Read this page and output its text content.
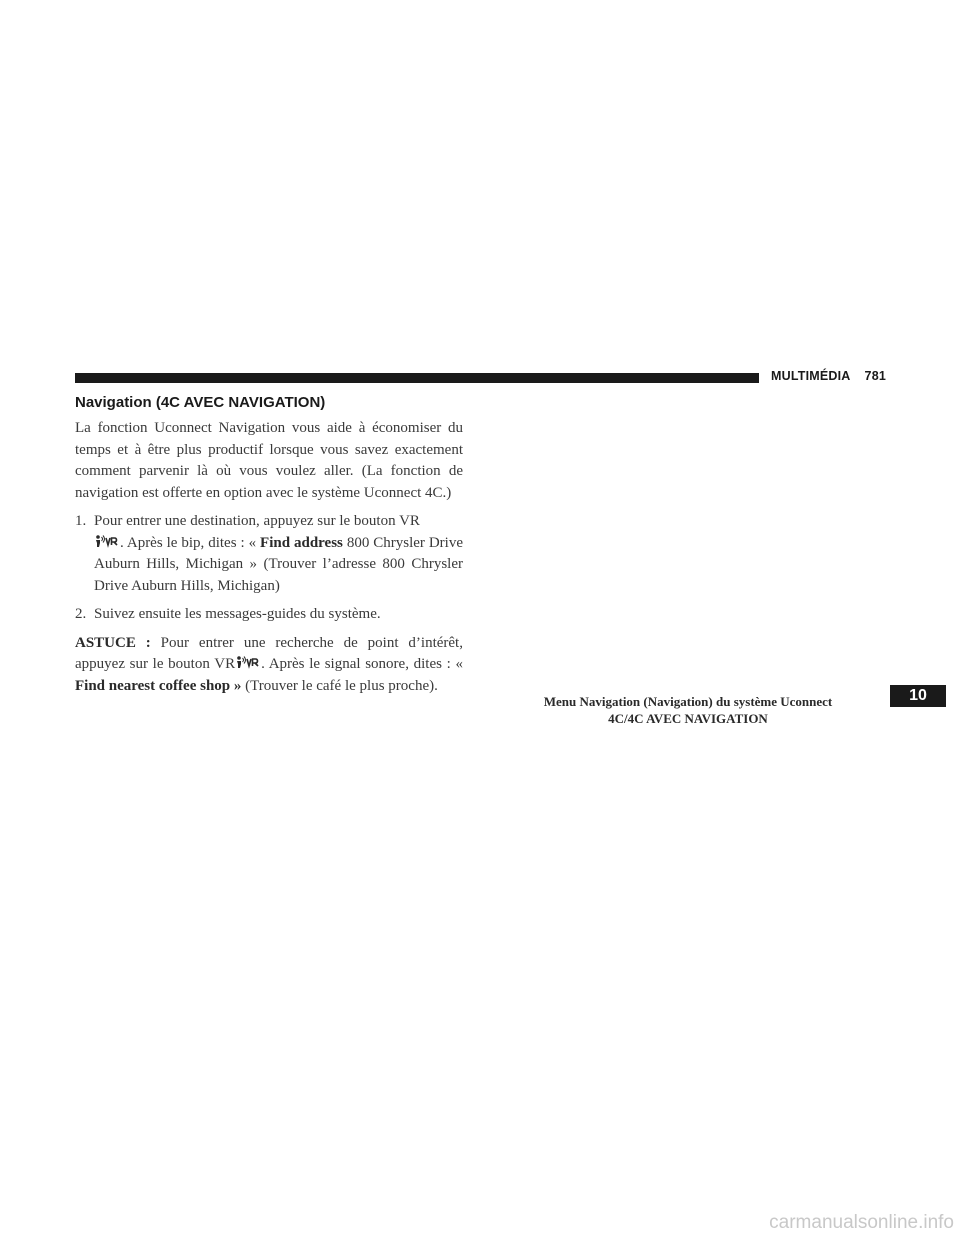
MULTIMÉDIA 781
Navigation (4C AVEC NAVIGATION)

La fonction Uconnect Navigation vous aide à économiser du temps et à être plus productif lorsque vous savez exactement comment parvenir là où vous voulez aller. (La fonction de navigation est offerte en option avec le système Uconnect 4C.)

1. Pour entrer une destination, appuyez sur le bouton VR
. Après le bip, dites : « Find address 800 Chrysler Drive Auburn Hills, Michigan » (Trouver l’adresse 800 Chrysler Drive Auburn Hills, Michigan)
2. Suivez ensuite les messages-guides du système.

ASTUCE : Pour entrer une recherche de point d’intérêt, appuyez sur le bouton VR . Après le signal sonore, dites : « Find nearest coffee shop » (Trouver le café le plus proche).

Menu Navigation (Navigation) du système Uconnect
4C/4C AVEC NAVIGATION
10
carmanualsonline.info
